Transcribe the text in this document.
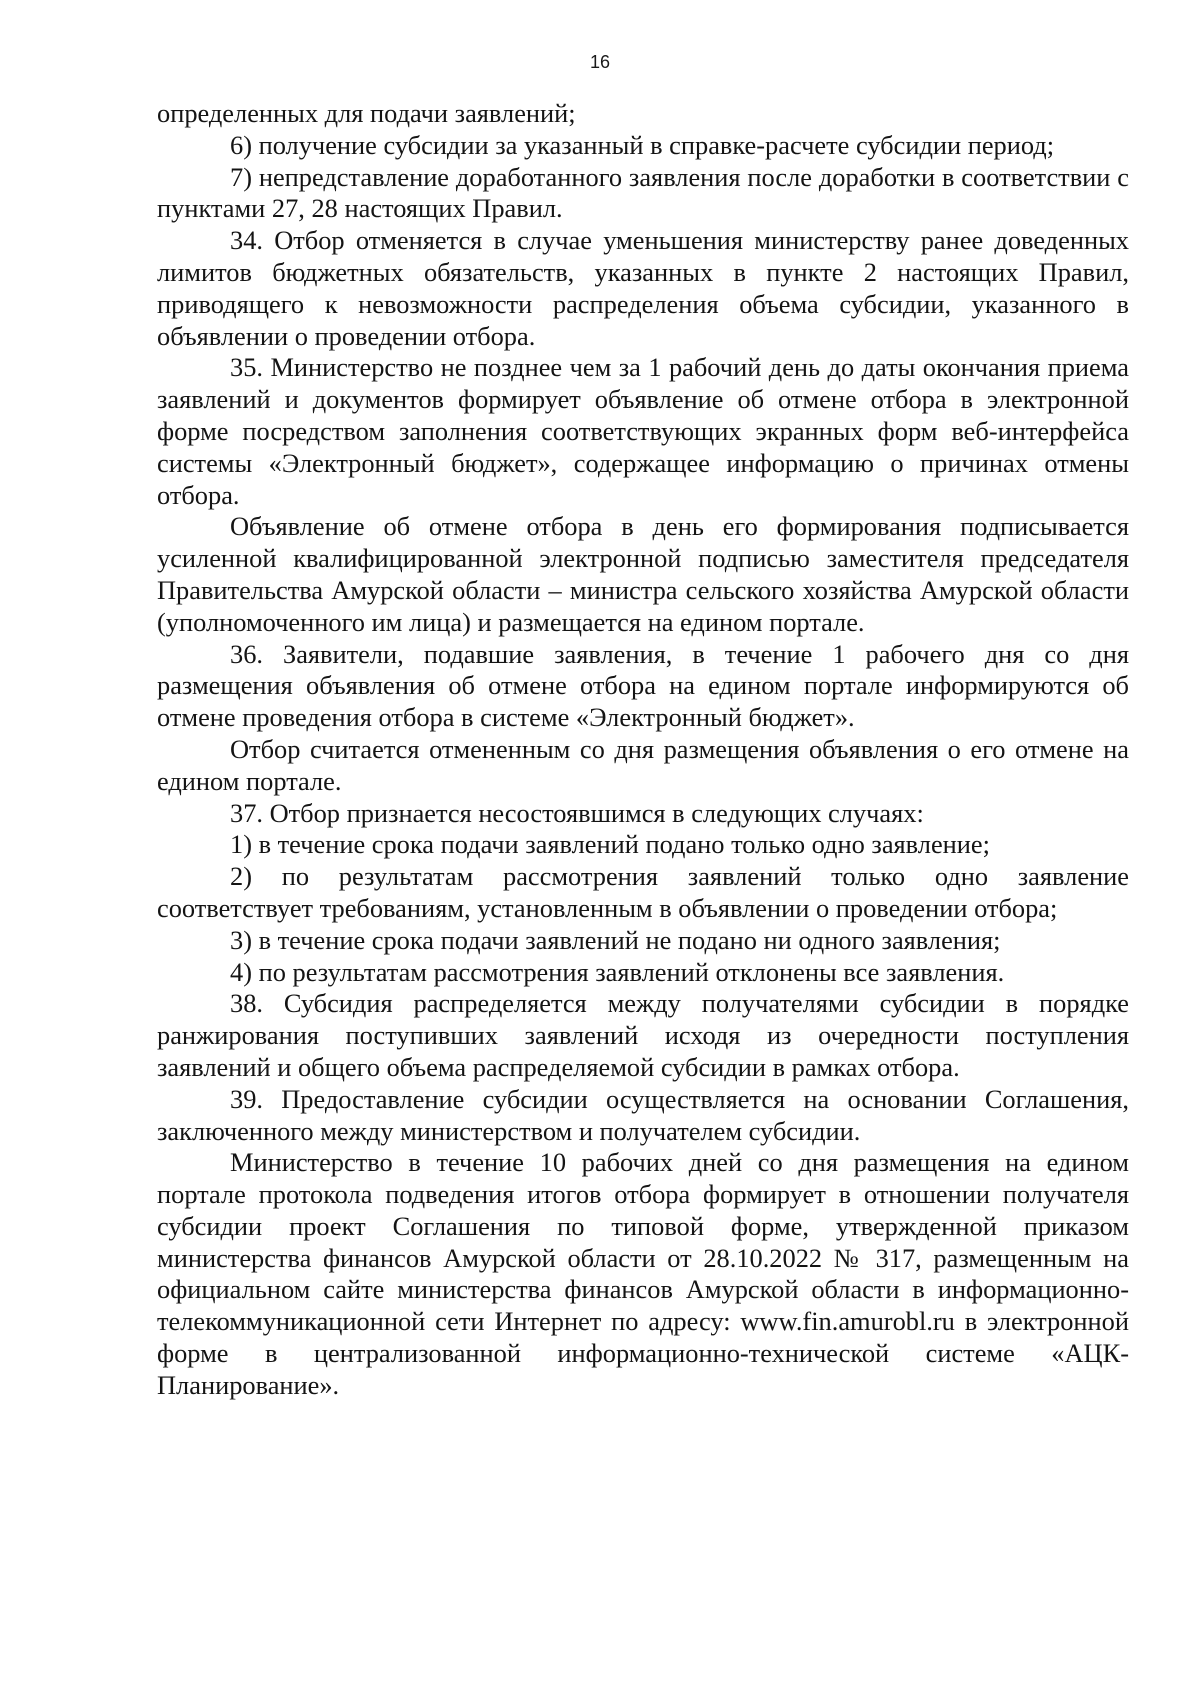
16

определенных для подачи заявлений;

6) получение субсидии за указанный в справке-расчете субсидии период;

7) непредставление доработанного заявления после доработки в соответствии с пунктами 27, 28 настоящих Правил.

34. Отбор отменяется в случае уменьшения министерству ранее доведенных лимитов бюджетных обязательств, указанных в пункте 2 настоящих Правил, приводящего к невозможности распределения объема субсидии, указанного в объявлении о проведении отбора.

35. Министерство не позднее чем за 1 рабочий день до даты окончания приема заявлений и документов формирует объявление об отмене отбора в электронной форме посредством заполнения соответствующих экранных форм веб-интерфейса системы «Электронный бюджет», содержащее информацию о причинах отмены отбора.

Объявление об отмене отбора в день его формирования подписывается усиленной квалифицированной электронной подписью заместителя председателя Правительства Амурской области – министра сельского хозяйства Амурской области (уполномоченного им лица) и размещается на едином портале.

36. Заявители, подавшие заявления, в течение 1 рабочего дня со дня размещения объявления об отмене отбора на едином портале информируются об отмене проведения отбора в системе «Электронный бюджет».

Отбор считается отмененным со дня размещения объявления о его отмене на едином портале.

37. Отбор признается несостоявшимся в следующих случаях:

1) в течение срока подачи заявлений подано только одно заявление;

2) по результатам рассмотрения заявлений только одно заявление соответствует требованиям, установленным в объявлении о проведении отбора;

3) в течение срока подачи заявлений не подано ни одного заявления;

4) по результатам рассмотрения заявлений отклонены все заявления.

38. Субсидия распределяется между получателями субсидии в порядке ранжирования поступивших заявлений исходя из очередности поступления заявлений и общего объема распределяемой субсидии в рамках отбора.

39. Предоставление субсидии осуществляется на основании Соглашения, заключенного между министерством и получателем субсидии.

Министерство в течение 10 рабочих дней со дня размещения на едином портале протокола подведения итогов отбора формирует в отношении получателя субсидии проект Соглашения по типовой форме, утвержденной приказом министерства финансов Амурской области от 28.10.2022 № 317, размещенным на официальном сайте министерства финансов Амурской области в информационно-телекоммуникационной сети Интернет по адресу: www.fin.amurobl.ru в электронной форме в централизованной информационно-технической системе «АЦК-Планирование».
